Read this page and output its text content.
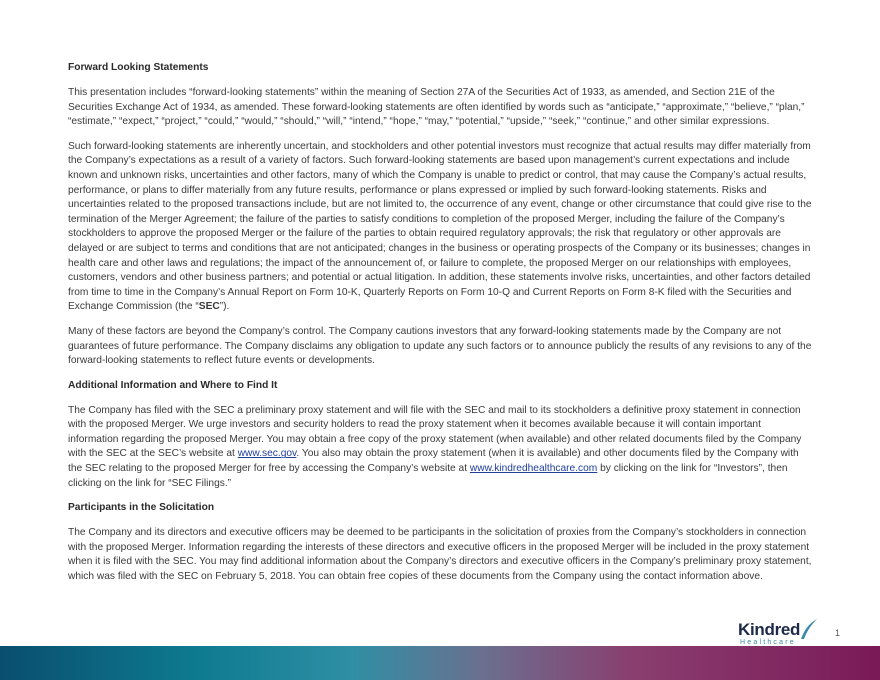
Forward Looking Statements

This presentation includes “forward-looking statements” within the meaning of Section 27A of the Securities Act of 1933, as amended, and Section 21E of the Securities Exchange Act of 1934, as amended. These forward-looking statements are often identified by words such as “anticipate,” “approximate,” “believe,” “plan,” “estimate,” “expect,” “project,” “could,” “would,” “should,” “will,” “intend,” “hope,” “may,” “potential,” “upside,” “seek,” “continue,” and other similar expressions.

Such forward-looking statements are inherently uncertain, and stockholders and other potential investors must recognize that actual results may differ materially from the Company’s expectations as a result of a variety of factors. Such forward-looking statements are based upon management’s current expectations and include known and unknown risks, uncertainties and other factors, many of which the Company is unable to predict or control, that may cause the Company’s actual results, performance, or plans to differ materially from any future results, performance or plans expressed or implied by such forward-looking statements. Risks and uncertainties related to the proposed transactions include, but are not limited to, the occurrence of any event, change or other circumstance that could give rise to the termination of the Merger Agreement; the failure of the parties to satisfy conditions to completion of the proposed Merger, including the failure of the Company’s stockholders to approve the proposed Merger or the failure of the parties to obtain required regulatory approvals; the risk that regulatory or other approvals are delayed or are subject to terms and conditions that are not anticipated; changes in the business or operating prospects of the Company or its businesses; changes in health care and other laws and regulations; the impact of the announcement of, or failure to complete, the proposed Merger on our relationships with employees, customers, vendors and other business partners; and potential or actual litigation. In addition, these statements involve risks, uncertainties, and other factors detailed from time to time in the Company’s Annual Report on Form 10-K, Quarterly Reports on Form 10-Q and Current Reports on Form 8-K filed with the Securities and Exchange Commission (the “SEC”).

Many of these factors are beyond the Company’s control. The Company cautions investors that any forward-looking statements made by the Company are not guarantees of future performance. The Company disclaims any obligation to update any such factors or to announce publicly the results of any revisions to any of the forward-looking statements to reflect future events or developments.

Additional Information and Where to Find It

The Company has filed with the SEC a preliminary proxy statement and will file with the SEC and mail to its stockholders a definitive proxy statement in connection with the proposed Merger. We urge investors and security holders to read the proxy statement when it becomes available because it will contain important information regarding the proposed Merger. You may obtain a free copy of the proxy statement (when available) and other related documents filed by the Company with the SEC at the SEC’s website at www.sec.gov. You also may obtain the proxy statement (when it is available) and other documents filed by the Company with the SEC relating to the proposed Merger for free by accessing the Company’s website at www.kindredhealthcare.com by clicking on the link for “Investors”, then clicking on the link for “SEC Filings.”

Participants in the Solicitation

The Company and its directors and executive officers may be deemed to be participants in the solicitation of proxies from the Company’s stockholders in connection with the proposed Merger. Information regarding the interests of these directors and executive officers in the proposed Merger will be included in the proxy statement when it is filed with the SEC. You may find additional information about the Company’s directors and executive officers in the Company’s preliminary proxy statement, which was filed with the SEC on February 5, 2018. You can obtain free copies of these documents from the Company using the contact information above.

Kindred
Healthcare
1
